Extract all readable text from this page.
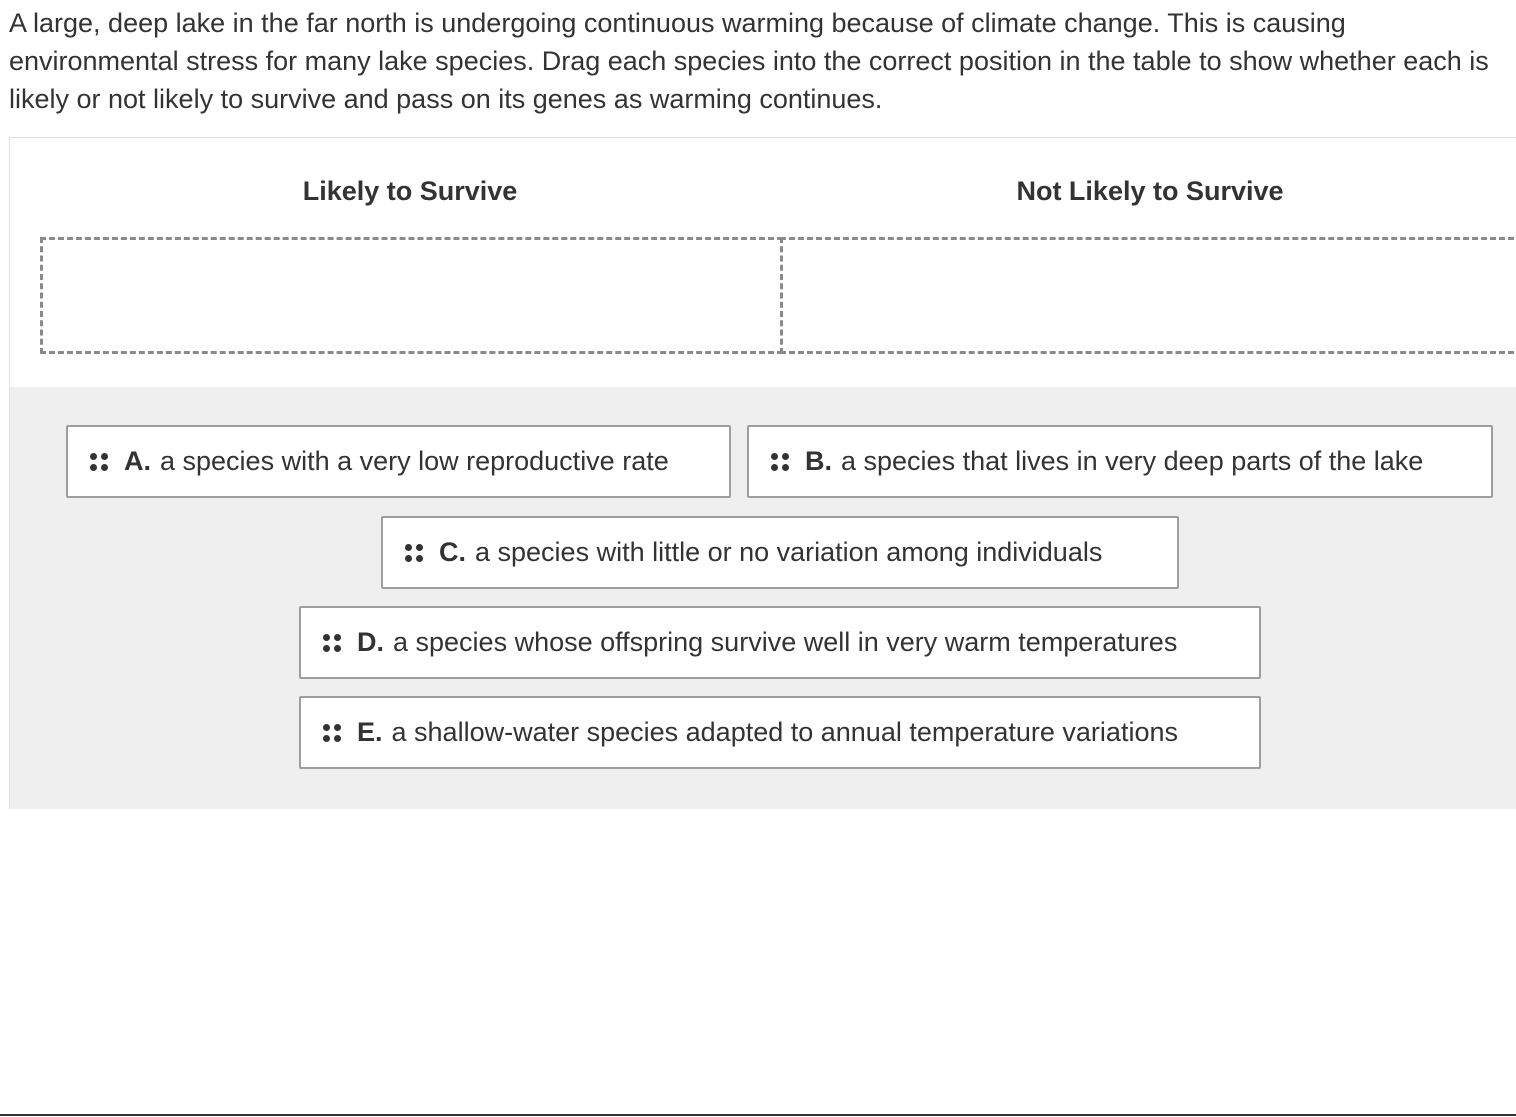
A large, deep lake in the far north is undergoing continuous warming because of climate change. This is causing environmental stress for many lake species. Drag each species into the correct position in the table to show whether each is likely or not likely to survive and pass on its genes as warming continues.
Likely to Survive	Not Likely to Survive
A. a species with a very low reproductive rate	B. a species that lives in very deep parts of the lake
C. a species with little or no variation among individuals
D. a species whose offspring survive well in very warm temperatures
E. a shallow-water species adapted to annual temperature variations
